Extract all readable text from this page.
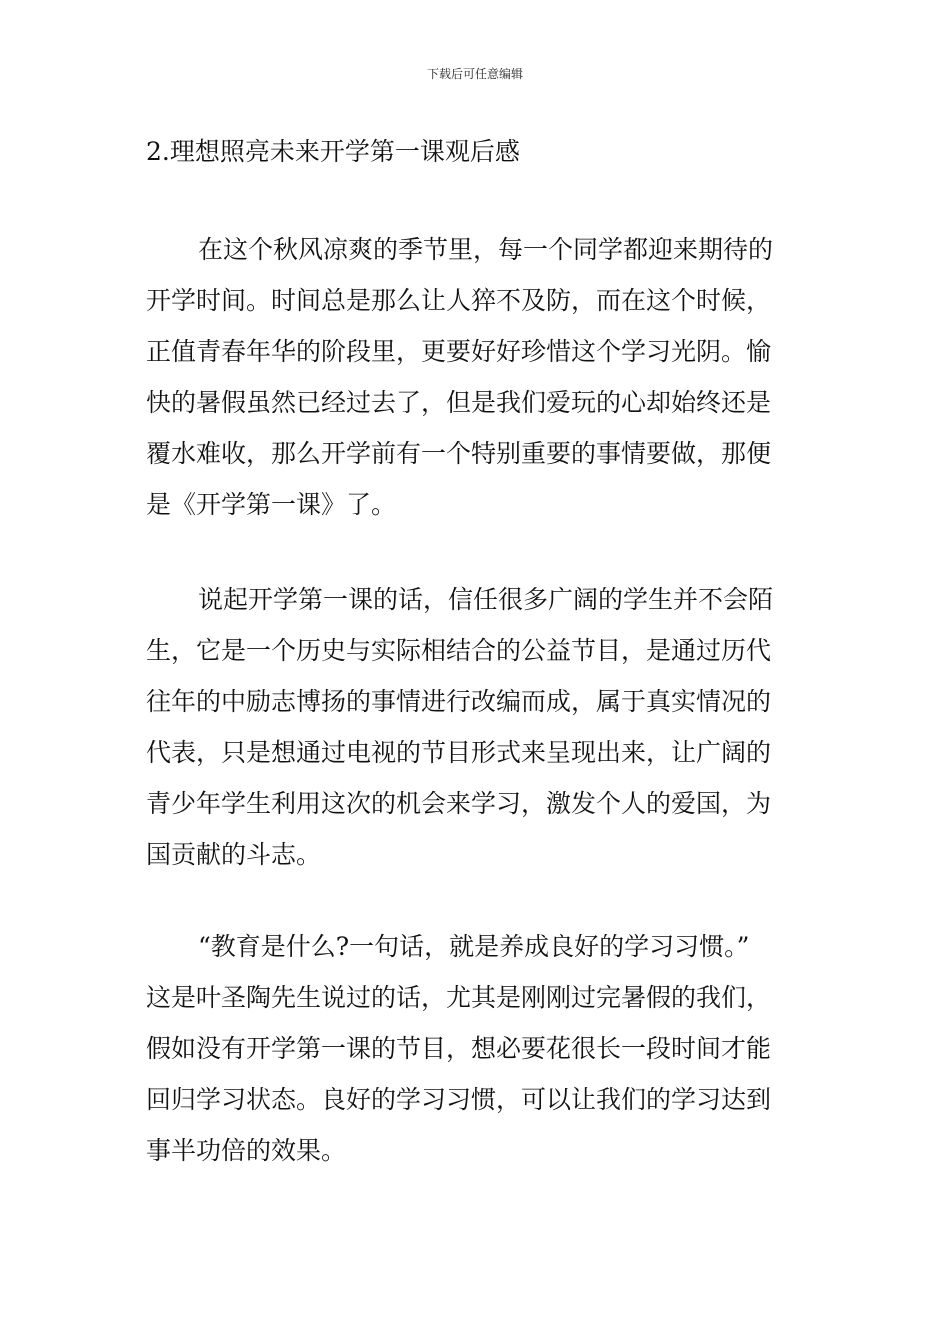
下载后可任意编辑
2.理想照亮未来开学第一课观后感
在这个秋风凉爽的季节里，每一个同学都迎来期待的
开学时间。时间总是那么让人猝不及防，而在这个时候，
正值青春年华的阶段里，更要好好珍惜这个学习光阴。愉
快的暑假虽然已经过去了，但是我们爱玩的心却始终还是
覆水难收，那么开学前有一个特别重要的事情要做，那便
是《开学第一课》了。
说起开学第一课的话，信任很多广阔的学生并不会陌
生，它是一个历史与实际相结合的公益节目，是通过历代
往年的中励志博扬的事情进行改编而成，属于真实情况的
代表，只是想通过电视的节目形式来呈现出来，让广阔的
青少年学生利用这次的机会来学习，激发个人的爱国，为
国贡献的斗志。
“教育是什么?一句话，就是养成良好的学习习惯。”
这是叶圣陶先生说过的话，尤其是刚刚过完暑假的我们，
假如没有开学第一课的节目，想必要花很长一段时间才能
回归学习状态。良好的学习习惯，可以让我们的学习达到
事半功倍的效果。
